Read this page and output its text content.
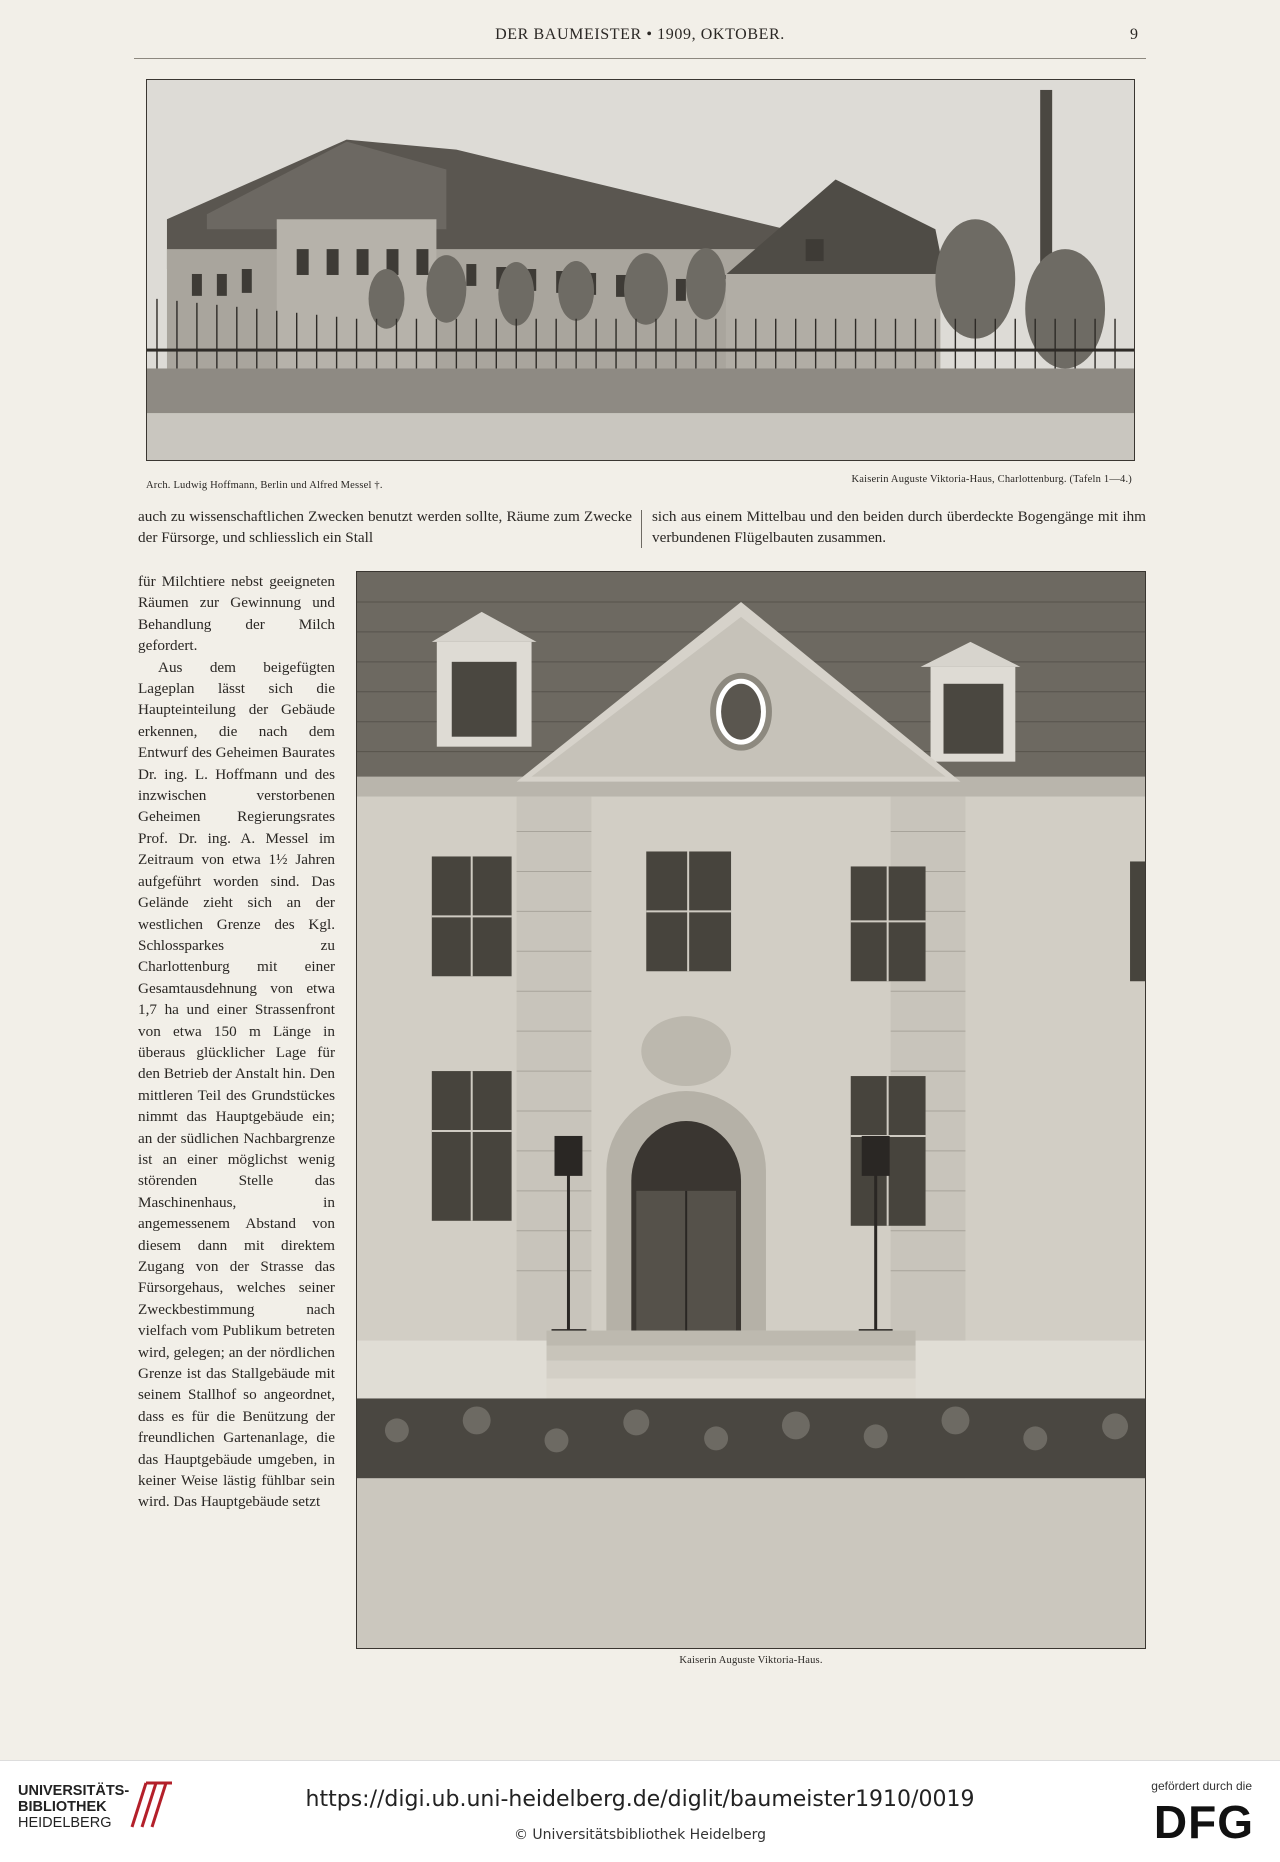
DER BAUMEISTER • 1909, OKTOBER.	9
Arch. Ludwig Hoffmann, Berlin und Alfred Messel †.
Kaiserin Auguste Viktoria-Haus, Charlottenburg. (Tafeln 1—4.)

auch zu wissenschaftlichen Zwecken benutzt werden sollte, Räume zum Zwecke der Fürsorge, und schliesslich ein Stall

sich aus einem Mittelbau und den beiden durch überdeckte Bogengänge mit ihm verbundenen Flügelbauten zusammen.

für Milchtiere nebst geeigneten Räumen zur Gewinnung und Behandlung der Milch gefordert.

Aus dem beigefügten Lageplan lässt sich die Haupteinteilung der Gebäude erkennen, die nach dem Entwurf des Geheimen Baurates Dr. ing. L. Hoffmann und des inzwischen verstorbenen Geheimen Regierungsrates Prof. Dr. ing. A. Messel im Zeitraum von etwa 1½ Jahren aufgeführt worden sind. Das Gelände zieht sich an der westlichen Grenze des Kgl. Schlossparkes zu Charlottenburg mit einer Gesamtausdehnung von etwa 1,7 ha und einer Strassenfront von etwa 150 m Länge in überaus glücklicher Lage für den Betrieb der Anstalt hin. Den mittleren Teil des Grundstückes nimmt das Hauptgebäude ein; an der südlichen Nachbargrenze ist an einer möglichst wenig störenden Stelle das Maschinenhaus, in angemessenem Abstand von diesem dann mit direktem Zugang von der Strasse das Fürsorgehaus, welches seiner Zweckbestimmung nach vielfach vom Publikum betreten wird, gelegen; an der nördlichen Grenze ist das Stallgebäude mit seinem Stallhof so angeordnet, dass es für die Benützung der freundlichen Gartenanlage, die das Hauptgebäude umgeben, in keiner Weise lästig fühlbar sein wird. Das Hauptgebäude setzt

Kaiserin Auguste Viktoria-Haus.
UNIVERSITÄTS-
BIBLIOTHEK
HEIDELBERG
https://digi.ub.uni-heidelberg.de/diglit/baumeister1910/0019
© Universitätsbibliothek Heidelberg
gefördert durch die
DFG
